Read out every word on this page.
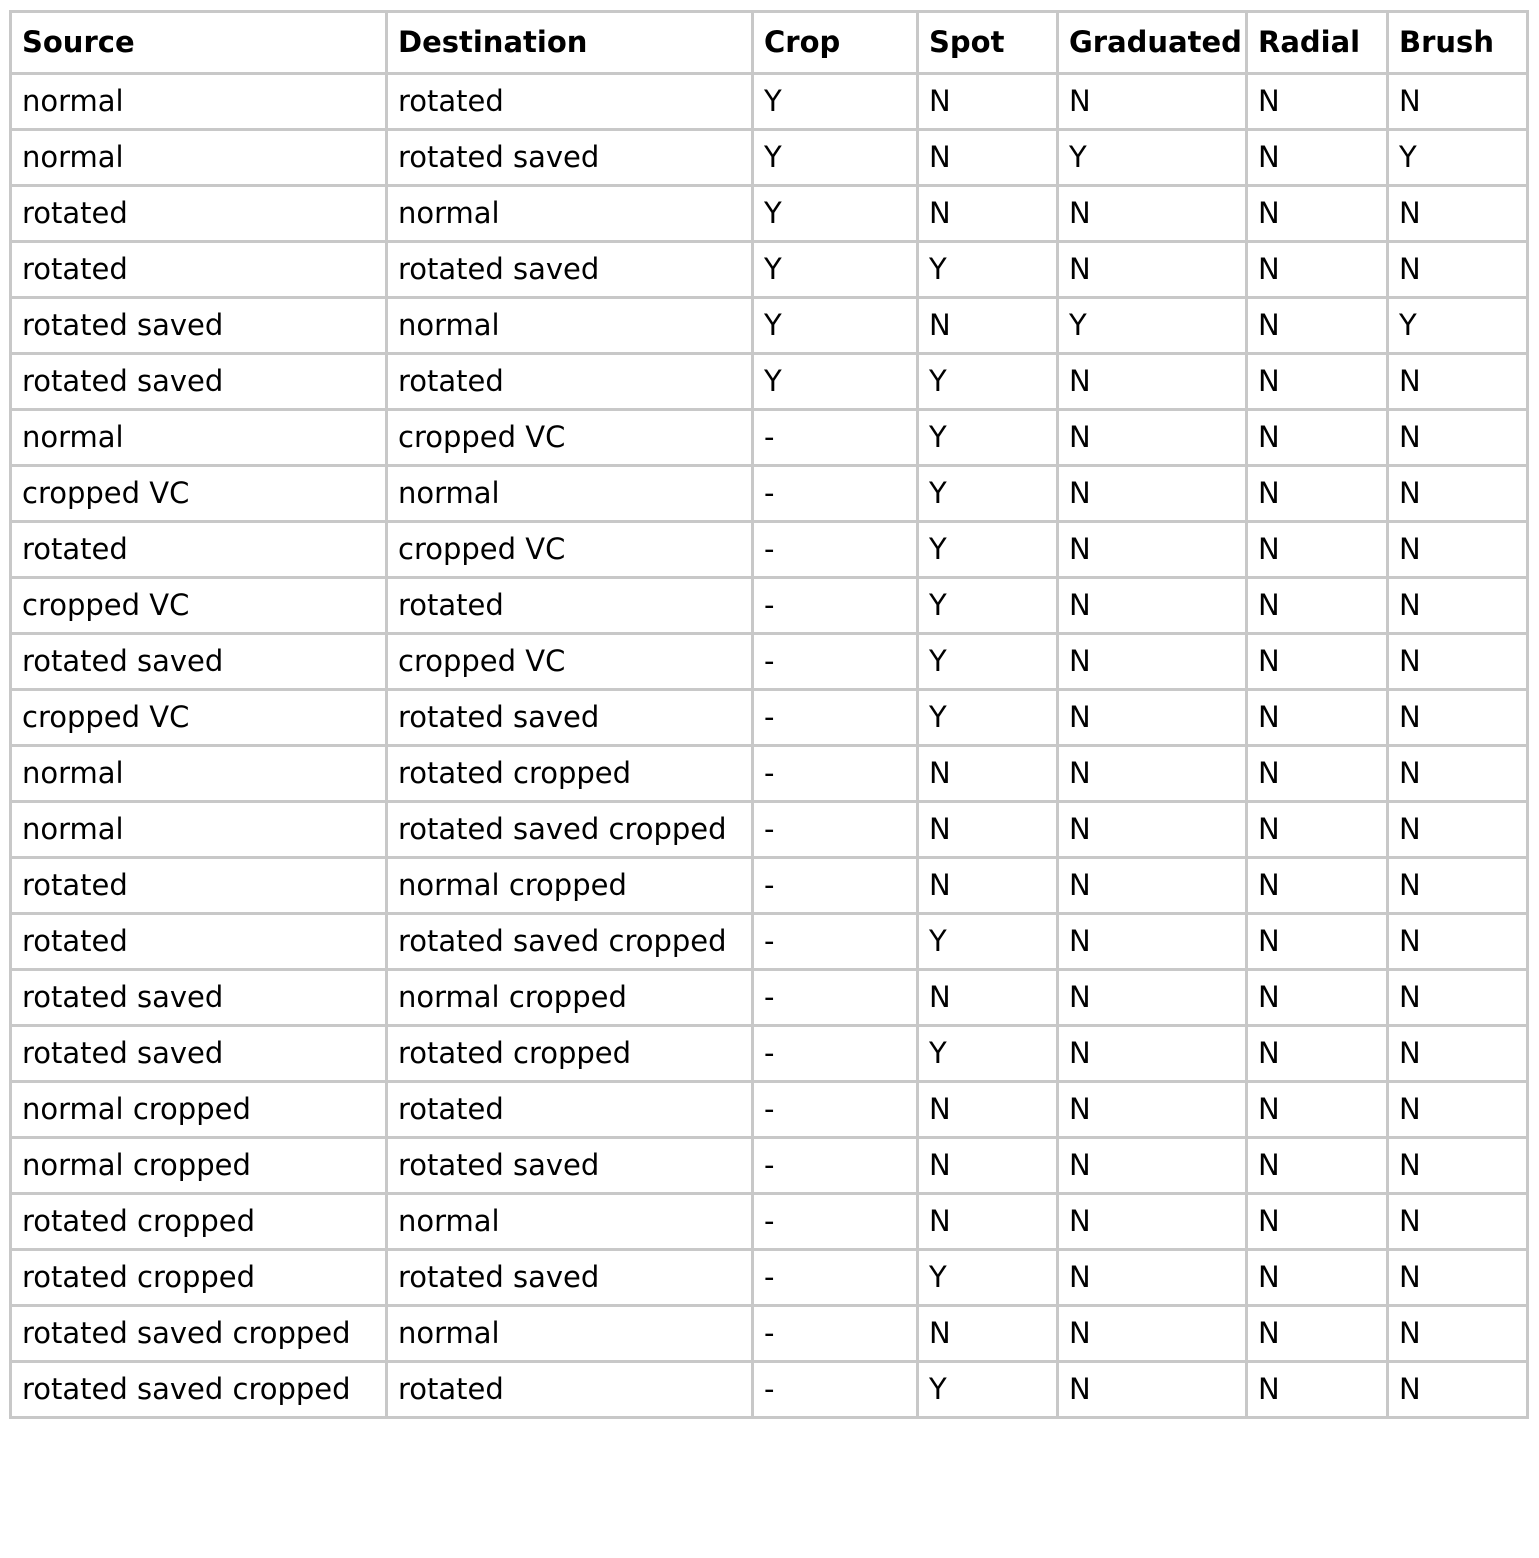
Source	Destination	Crop	Spot	Graduated	Radial	Brush
normal	rotated	Y	N	N	N	N
normal	rotated saved	Y	N	Y	N	Y
rotated	normal	Y	N	N	N	N
rotated	rotated saved	Y	Y	N	N	N
rotated saved	normal	Y	N	Y	N	Y
rotated saved	rotated	Y	Y	N	N	N
normal	cropped VC	-	Y	N	N	N
cropped VC	normal	-	Y	N	N	N
rotated	cropped VC	-	Y	N	N	N
cropped VC	rotated	-	Y	N	N	N
rotated saved	cropped VC	-	Y	N	N	N
cropped VC	rotated saved	-	Y	N	N	N
normal	rotated cropped	-	N	N	N	N
normal	rotated saved cropped	-	N	N	N	N
rotated	normal cropped	-	N	N	N	N
rotated	rotated saved cropped	-	Y	N	N	N
rotated saved	normal cropped	-	N	N	N	N
rotated saved	rotated cropped	-	Y	N	N	N
normal cropped	rotated	-	N	N	N	N
normal cropped	rotated saved	-	N	N	N	N
rotated cropped	normal	-	N	N	N	N
rotated cropped	rotated saved	-	Y	N	N	N
rotated saved cropped	normal	-	N	N	N	N
rotated saved cropped	rotated	-	Y	N	N	N
